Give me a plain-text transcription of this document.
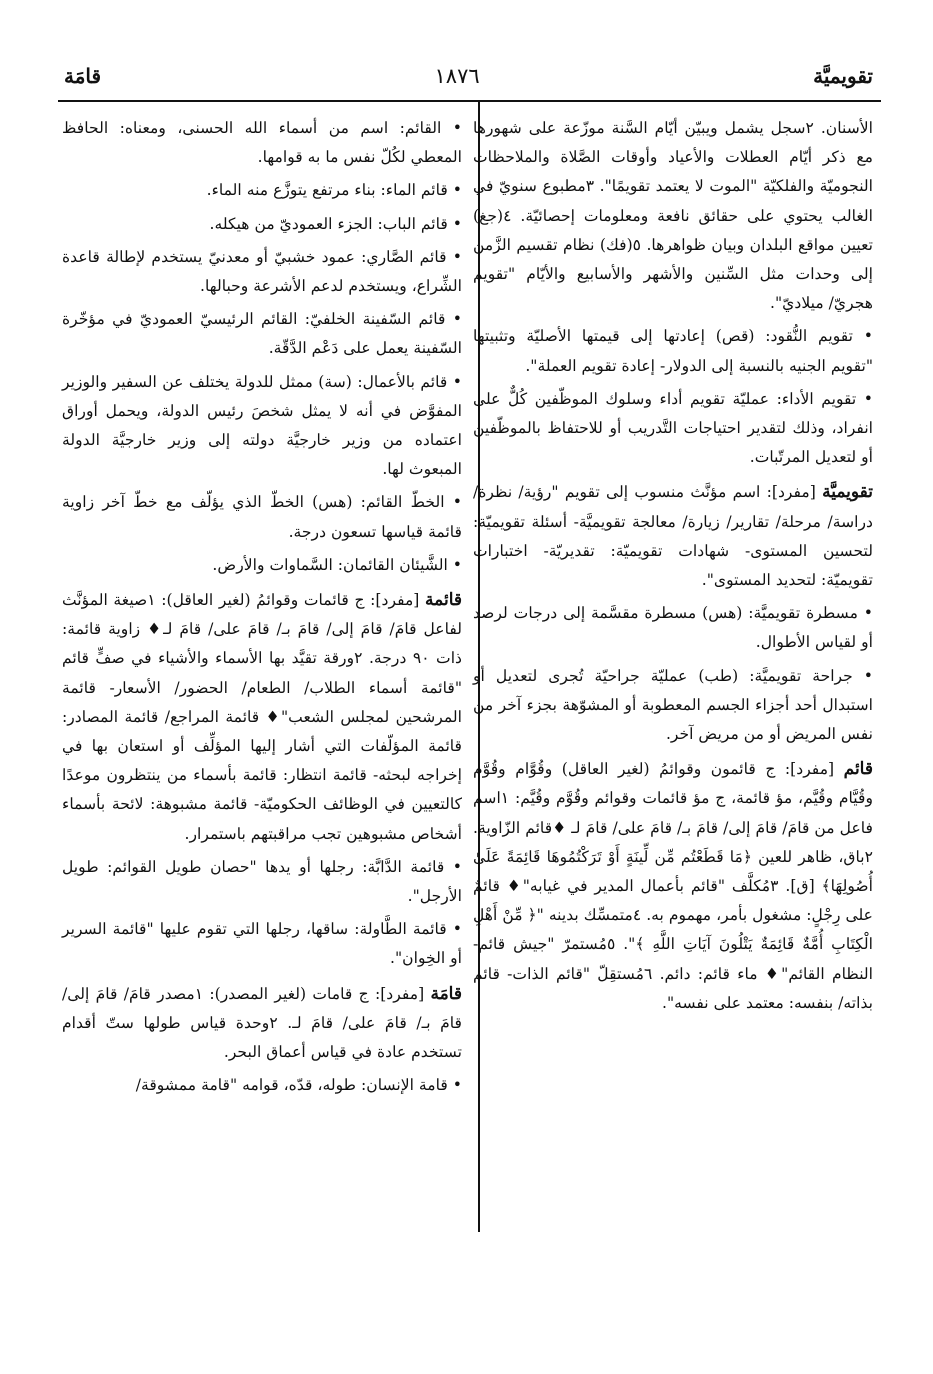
تقويميَّة
١٨٧٦
قامَة

الأسنان. ٢سجل يشمل ويبيّن أيّام السَّنة موزّعة على شهورها مع ذكر أيّام العطلات والأعياد وأوقات الصَّلاة والملاحظات النجوميّة والفلكيّة "الموت لا يعتمد تقويمًا". ٣مطبوع سنويّ في الغالب يحتوي على حقائق نافعة ومعلومات إحصائيّة. ٤(جغ) تعيين مواقع البلدان وبيان ظواهرها. ٥(فك) نظام تقسيم الزَّمن إلى وحدات مثل السِّنين والأشهر والأسابيع والأيّام "تقويم هجريّ/ ميلاديّ".

• تقويم النُّقود: (قص) إعادتها إلى قيمتها الأصليّة وتثبيتها "تقويم الجنيه بالنسبة إلى الدولار- إعادة تقويم العملة".

• تقويم الأداء: عمليّة تقويم أداء وسلوك الموظّفين كُلٌّ على انفراد، وذلك لتقدير احتياجات التَّدريب أو للاحتفاظ بالموظّفين أو لتعديل المرتّبات.

تقويميَّة [مفرد]: اسم مؤنَّث منسوب إلى تقويم "رؤية/ نظرة/ دراسة/ مرحلة/ تقارير/ زيارة/ معالجة تقويميَّة- أسئلة تقويميّة: لتحسين المستوى- شهادات تقويميّة: تقديريّة- اختبارات تقويميّة: لتحديد المستوى".

• مسطرة تقويميَّة: (هس) مسطرة مقسَّمة إلى درجات لرصد أو لقياس الأطوال.

• جراحة تقويميَّة: (طب) عمليّة جراحيّة تُجرى لتعديل أو استبدال أحد أجزاء الجسم المعطوبة أو المشوّهة بجزء آخر من نفس المريض أو من مريض آخر.

قائم [مفرد]: ج قائمون وقوائمُ (لغير العاقل) وقُوَّام وقُوَّم وقُيَّام وقُيَّم، مؤ قائمة، ج مؤ قائمات وقوائم وقُوَّم وقُيَّم: ١اسم فاعل من قامَ/ قامَ إلى/ قامَ بـ/ قامَ على/ قامَ لـ ♦قائم الزّاوية. ٢باق، ظاهر للعين ﴿مَا قَطَعْتُم مِّن لِّينَةٍ أَوْ تَرَكْتُمُوهَا قَائِمَةً عَلَىٰ أُصُولِهَا﴾ [ق]. ٣مُكلَّف "قائم بأعمال المدير في غيابه"♦ قائمٌ على رِجْلٍ: مشغول بأمر، مهموم به. ٤متمسِّك بدينه "﴿ مِّنْ أَهْلِ الْكِتَابِ أُمَّةٌ قَائِمَةٌ يَتْلُونَ آيَاتِ اللَّهِ ﴾". ٥مُستمرّ "جيش قائم- النظام القائم"♦ ماء قائم: دائم. ٦مُستقِلّ "قائم الذات- قائم بذاته/ بنفسه: معتمد على نفسه".

• القائم: اسم من أسماء الله الحسنى، ومعناه: الحافظ المعطي لكُلّ نفس ما به قوامها.

• قائم الماء: بناء مرتفع يتوزَّع منه الماء.

• قائم الباب: الجزء العموديّ من هيكله.

• قائم الصَّاري: عمود خشبيّ أو معدنيّ يستخدم لإطالة قاعدة الشِّراع، ويستخدم لدعم الأشرعة وحبالها.

• قائم السّفينة الخلفيّ: القائم الرئيسيّ العموديّ في مؤخّرة السّفينة يعمل على دَعْم الدَّقّة.

• قائم بالأعمال: (سة) ممثل للدولة يختلف عن السفير والوزير المفوَّض في أنه لا يمثل شخصَ رئيس الدولة، ويحمل أوراق اعتماده من وزير خارجيَّة دولته إلى وزير خارجيَّة الدولة المبعوث لها.

• الخطّ القائم: (هس) الخطّ الذي يؤلّف مع خطّ آخر زاوية قائمة قياسها تسعون درجة.

• الشَّيئان القائمان: السَّماوات والأرض.

قائمة [مفرد]: ج قائمات وقوائمُ (لغير العاقل): ١صيغة المؤنَّث لفاعل قامَ/ قامَ إلى/ قامَ بـ/ قامَ على/ قامَ لـ♦ زاوية قائمة: ذات ٩٠ درجة. ٢ورقة تقيَّد بها الأسماء والأشياء في صفٍّ قائم "قائمة أسماء الطلاب/ الطعام/ الحضور/ الأسعار- قائمة المرشحين لمجلس الشعب"♦ قائمة المراجع/ قائمة المصادر: قائمة المؤلّفات التي أشار إليها المؤلِّف أو استعان بها في إخراجه لبحثه- قائمة انتظار: قائمة بأسماء من ينتظرون موعدًا كالتعيين في الوظائف الحكوميّة- قائمة مشبوهة: لائحة بأسماء أشخاص مشبوهين تجب مراقبتهم باستمرار.

• قائمة الدَّابَّة: رجلها أو يدها "حصان طويل القوائم: طويل الأرجل".

• قائمة الطَّاولة: ساقها، رجلها التي تقوم عليها "قائمة السرير أو الخِوان".

قامَة [مفرد]: ج قامات (لغير المصدر): ١مصدر قامَ/ قامَ إلى/ قامَ بـ/ قامَ على/ قامَ لـ. ٢وحدة قياس طولها ستّ أقدام تستخدم عادة في قياس أعماق البحر.

• قامة الإنسان: طوله، قدّه، قوامه "قامة ممشوقة/
